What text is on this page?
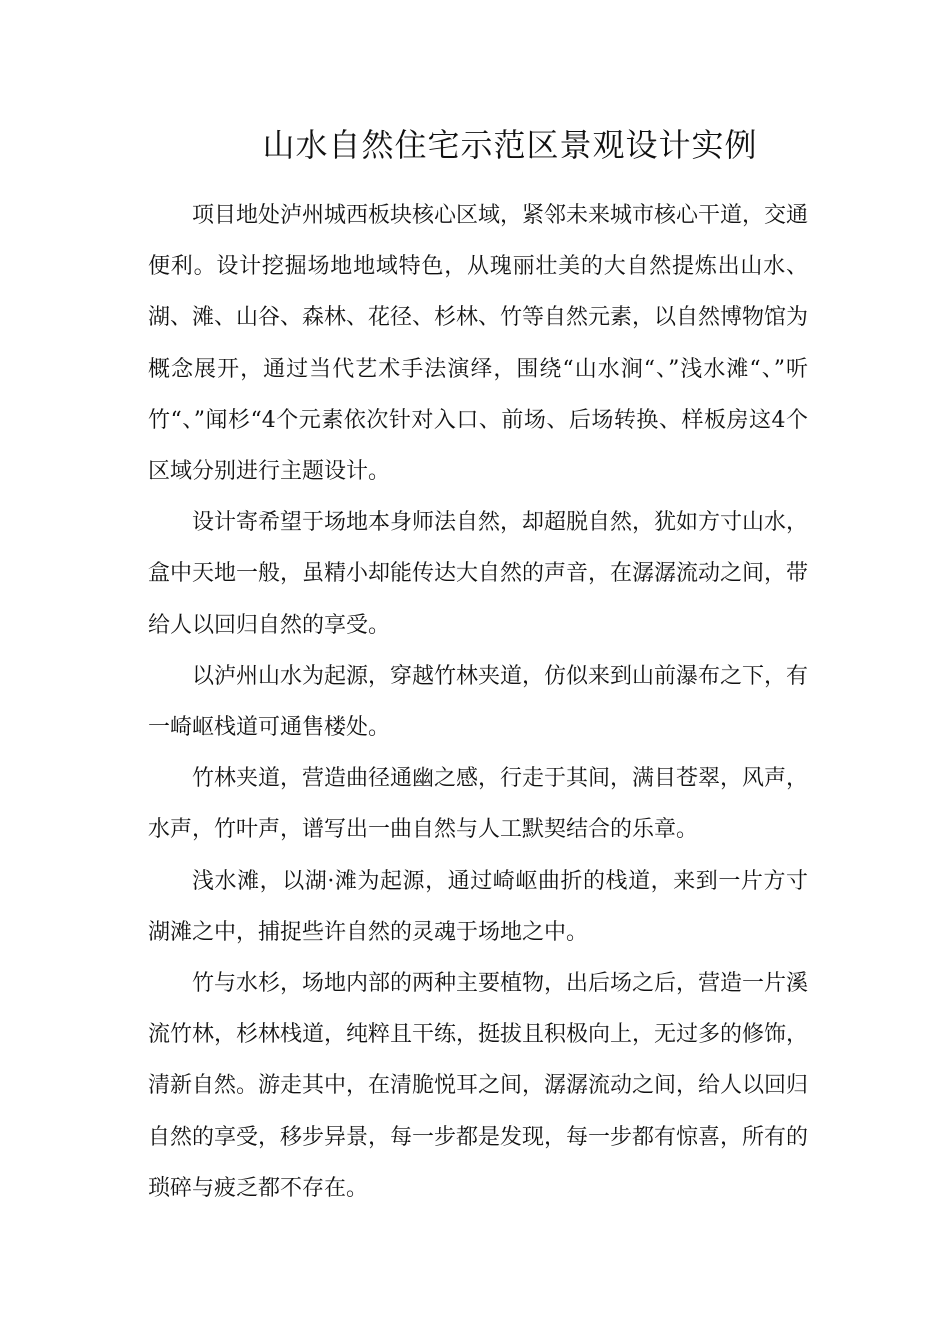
山水自然住宅示范区景观设计实例

项目地处泸州城西板块核心区域，紧邻未来城市核心干道，交通便利。设计挖掘场地地域特色，从瑰丽壮美的大自然提炼出山水、湖、滩、山谷、森林、花径、杉林、竹等自然元素，以自然博物馆为概念展开，通过当代艺术手法演绎，围绕“山水涧“、”浅水滩“、”听竹“、”闻杉“4个元素依次针对入口、前场、后场转换、样板房这4个区域分别进行主题设计。

设计寄希望于场地本身师法自然，却超脱自然，犹如方寸山水，盒中天地一般，虽精小却能传达大自然的声音，在潺潺流动之间，带给人以回归自然的享受。

以泸州山水为起源，穿越竹林夹道，仿似来到山前瀑布之下，有一崎岖栈道可通售楼处。

竹林夹道，营造曲径通幽之感，行走于其间，满目苍翠，风声，水声，竹叶声，谱写出一曲自然与人工默契结合的乐章。

浅水滩，以湖·滩为起源，通过崎岖曲折的栈道，来到一片方寸湖滩之中，捕捉些许自然的灵魂于场地之中。

竹与水杉，场地内部的两种主要植物，出后场之后，营造一片溪流竹林，杉林栈道，纯粹且干练，挺拔且积极向上，无过多的修饰，清新自然。游走其中，在清脆悦耳之间，潺潺流动之间，给人以回归自然的享受，移步异景，每一步都是发现，每一步都有惊喜，所有的琐碎与疲乏都不存在。
